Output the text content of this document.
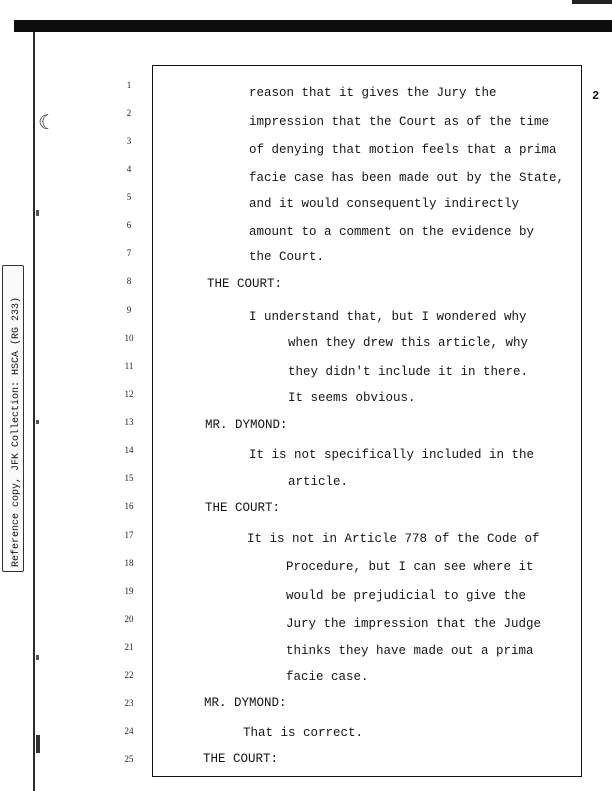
☾
Reference copy, JFK Collection: HSCA (RG 233)
2
1
2
3
4
5
6
7
8
9
10
11
12
13
14
15
16
17
18
19
20
21
22
23
24
25
reason that it gives the Jury the
impression that the Court as of the time
of denying that motion feels that a prima
facie case has been made out by the State,
and it would consequently indirectly
amount to a comment on the evidence by
the Court.
THE COURT:
I understand that, but I wondered why
when they drew this article, why
they didn't include it in there.
It seems obvious.
MR. DYMOND:
It is not specifically included in the
article.
THE COURT:
It is not in Article 778 of the Code of
Procedure, but I can see where it
would be prejudicial to give the
Jury the impression that the Judge
thinks they have made out a prima
facie case.
MR. DYMOND:
That is correct.
THE COURT:
